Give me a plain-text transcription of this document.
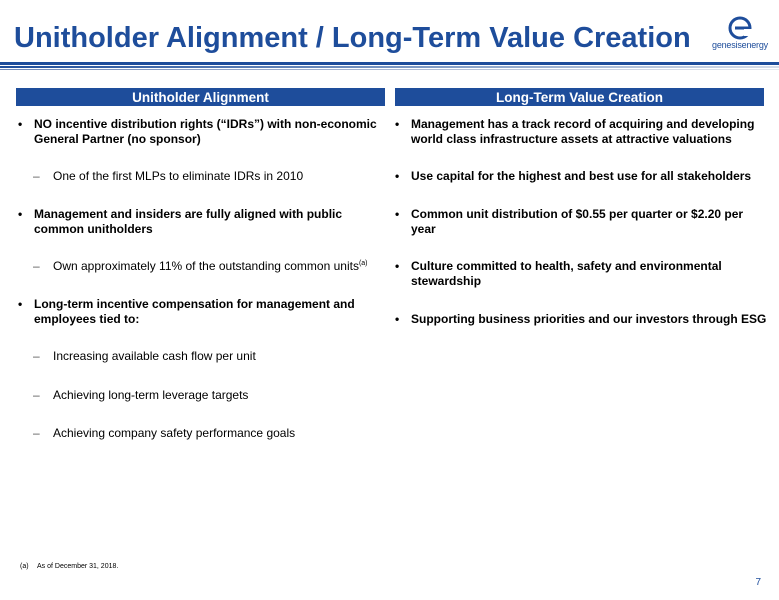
Unitholder Alignment / Long-Term Value Creation	genesisenergy
Unitholder Alignment	Long-Term Value Creation
• NO incentive distribution rights (“IDRs”) with non-economic General Partner (no sponsor)
–	One of the first MLPs to eliminate IDRs in 2010
• Management and insiders are fully aligned with public common unitholders
–	Own approximately 11% of the outstanding common units$^{(a)}$
• Long-term incentive compensation for management and employees tied to:
–	Increasing available cash flow per unit
–	Achieving long-term leverage targets
–	Achieving company safety performance goals
• Management has a track record of acquiring and developing world class infrastructure assets at attractive valuations
• Use capital for the highest and best use for all stakeholders
• Common unit distribution of $0.55 per quarter or $2.20 per year
• Culture committed to health, safety and environmental stewardship
• Supporting business priorities and our investors through ESG
(a) As of December 31, 2018.
7
